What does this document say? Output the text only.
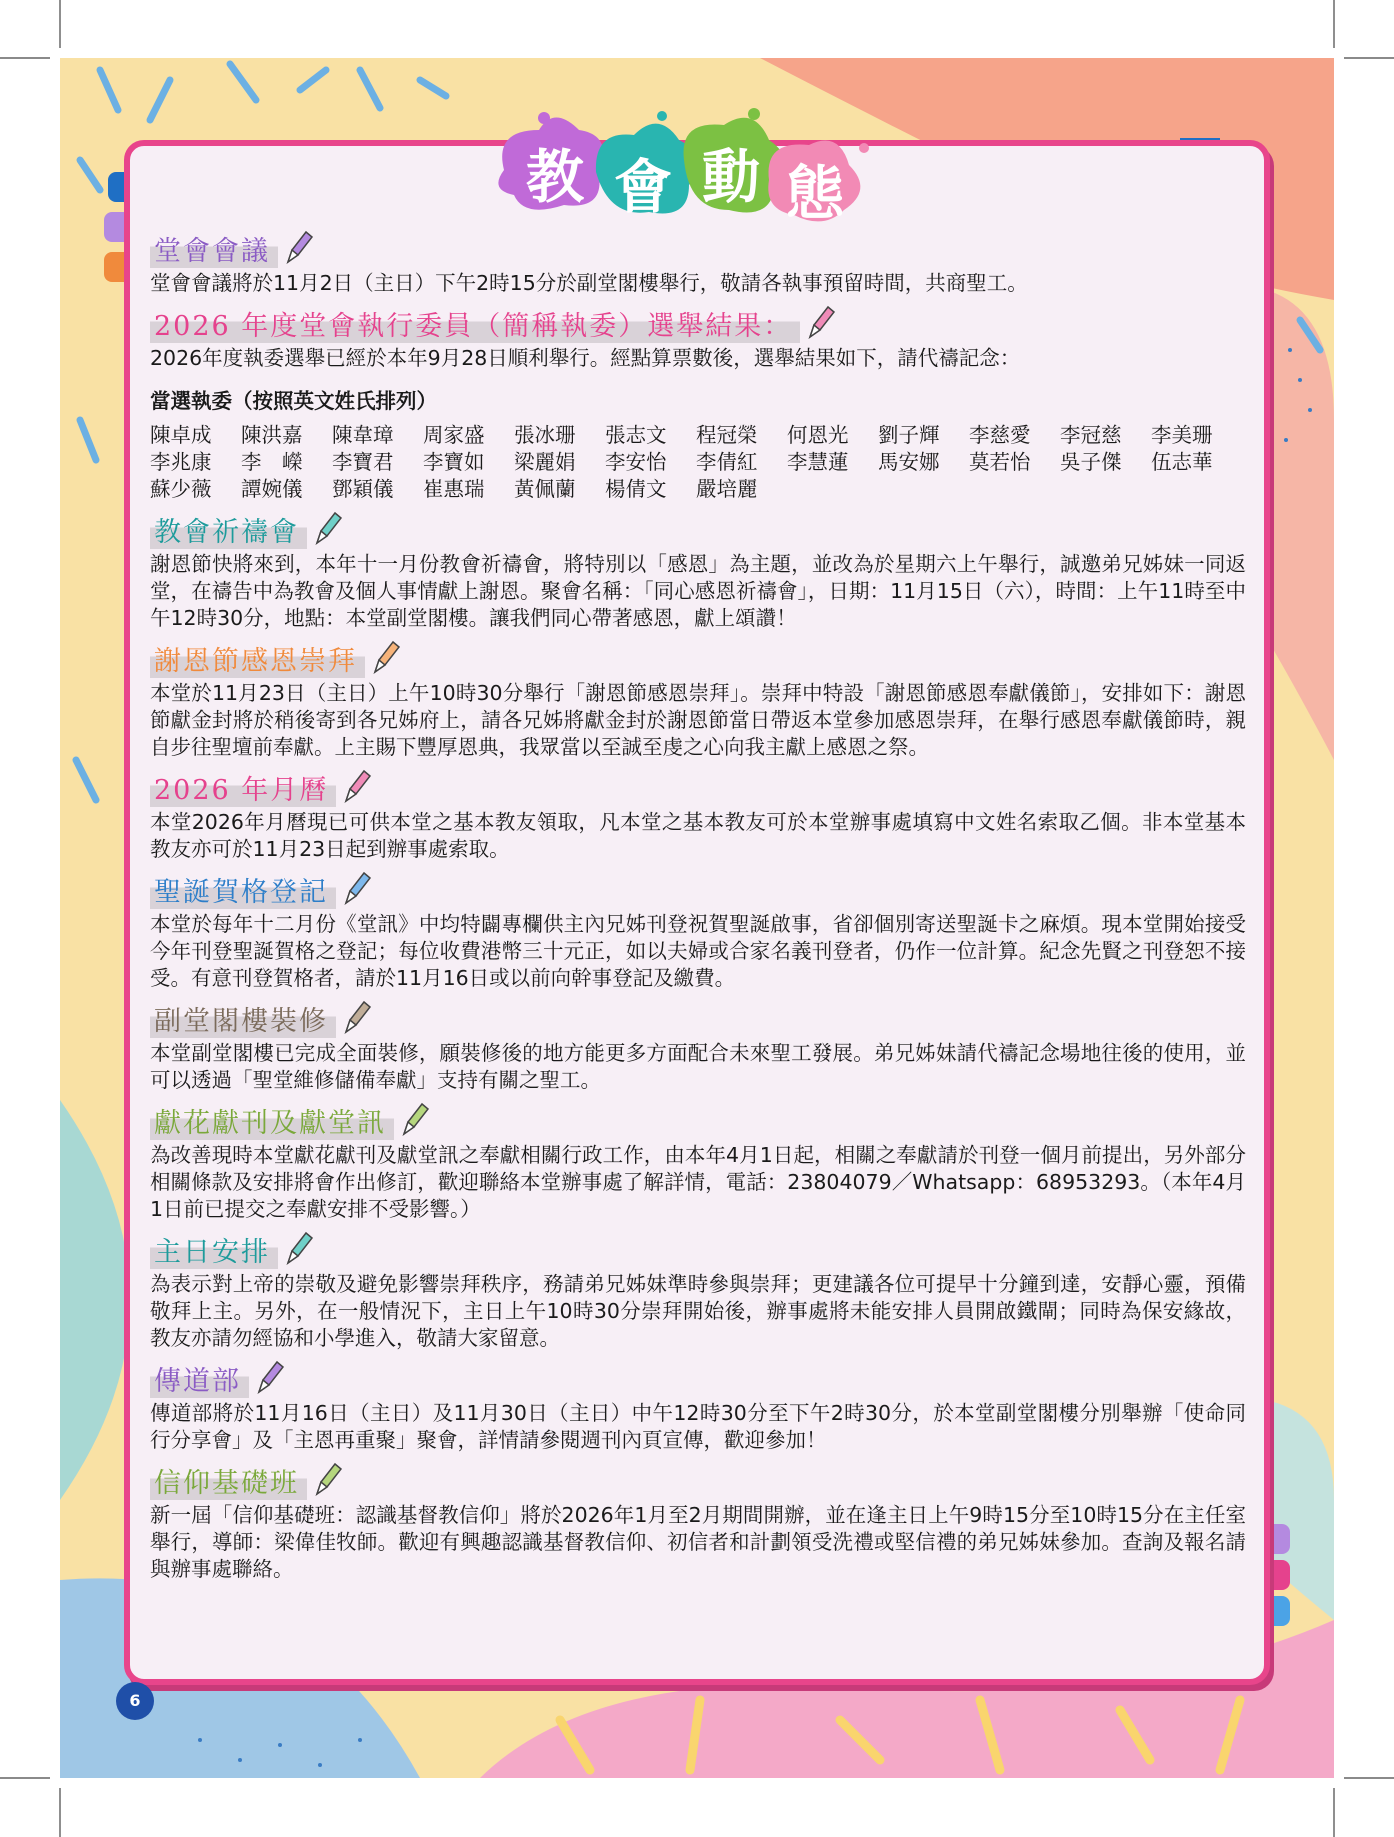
教 會 動 態
堂會會議

堂會會議將於11月2日（主日）下午2時15分於副堂閣樓舉行，敬請各執事預留時間，共商聖工。

2026 年度堂會執行委員（簡稱執委）選舉結果：

2026年度執委選舉已經於本年9月28日順利舉行。經點算票數後，選舉結果如下，請代禱記念：

當選執委（按照英文姓氏排列）
陳卓成	陳洪嘉	陳韋璋	周家盛	張冰珊	張志文	程冠榮	何恩光	劉子輝	李慈愛	李冠慈	李美珊
李兆康	李　嶸	李寶君	李寶如	梁麗娟	李安怡	李倩紅	李慧蓮	馬安娜	莫若怡	吳子傑	伍志華
蘇少薇	譚婉儀	鄧穎儀	崔惠瑞	黃佩蘭	楊倩文	嚴培麗
教會祈禱會

謝恩節快將來到，本年十一月份教會祈禱會，將特別以「感恩」為主題，並改為於星期六上午舉行，誠邀弟兄姊妹一同返堂，在禱告中為教會及個人事情獻上謝恩。聚會名稱：「同心感恩祈禱會」，日期：11月15日（六），時間：上午11時至中午12時30分，地點：本堂副堂閣樓。讓我們同心帶著感恩，獻上頌讚！

謝恩節感恩崇拜

本堂於11月23日（主日）上午10時30分舉行「謝恩節感恩崇拜」。崇拜中特設「謝恩節感恩奉獻儀節」，安排如下：謝恩節獻金封將於稍後寄到各兄姊府上，請各兄姊將獻金封於謝恩節當日帶返本堂參加感恩崇拜，在舉行感恩奉獻儀節時，親自步往聖壇前奉獻。上主賜下豐厚恩典，我眾當以至誠至虔之心向我主獻上感恩之祭。

2026 年月曆

本堂2026年月曆現已可供本堂之基本教友領取，凡本堂之基本教友可於本堂辦事處填寫中文姓名索取乙個。非本堂基本教友亦可於11月23日起到辦事處索取。

聖誕賀格登記

本堂於每年十二月份《堂訊》中均特闢專欄供主內兄姊刊登祝賀聖誕啟事，省卻個別寄送聖誕卡之麻煩。現本堂開始接受今年刊登聖誕賀格之登記；每位收費港幣三十元正，如以夫婦或合家名義刊登者，仍作一位計算。紀念先賢之刊登恕不接受。有意刊登賀格者，請於11月16日或以前向幹事登記及繳費。

副堂閣樓裝修

本堂副堂閣樓已完成全面裝修，願裝修後的地方能更多方面配合未來聖工發展。弟兄姊妹請代禱記念場地往後的使用，並可以透過「聖堂維修儲備奉獻」支持有關之聖工。

獻花獻刊及獻堂訊

為改善現時本堂獻花獻刊及獻堂訊之奉獻相關行政工作，由本年4月1日起，相關之奉獻請於刊登一個月前提出，另外部分相關條款及安排將會作出修訂，歡迎聯絡本堂辦事處了解詳情，電話：23804079／Whatsapp：68953293。（本年4月1日前已提交之奉獻安排不受影響。）

主日安排

為表示對上帝的崇敬及避免影響崇拜秩序，務請弟兄姊妹準時參與崇拜；更建議各位可提早十分鐘到達，安靜心靈，預備敬拜上主。另外，在一般情況下，主日上午10時30分崇拜開始後，辦事處將未能安排人員開啟鐵閘；同時為保安緣故，教友亦請勿經協和小學進入，敬請大家留意。

傳道部

傳道部將於11月16日（主日）及11月30日（主日）中午12時30分至下午2時30分，於本堂副堂閣樓分別舉辦「使命同行分享會」及「主恩再重聚」聚會，詳情請參閱週刊內頁宣傳，歡迎參加！

信仰基礎班

新一屆「信仰基礎班：認識基督教信仰」將於2026年1月至2月期間開辦，並在逢主日上午9時15分至10時15分在主任室舉行，導師：梁偉佳牧師。歡迎有興趣認識基督教信仰、初信者和計劃領受洗禮或堅信禮的弟兄姊妹參加。查詢及報名請與辦事處聯絡。

6
